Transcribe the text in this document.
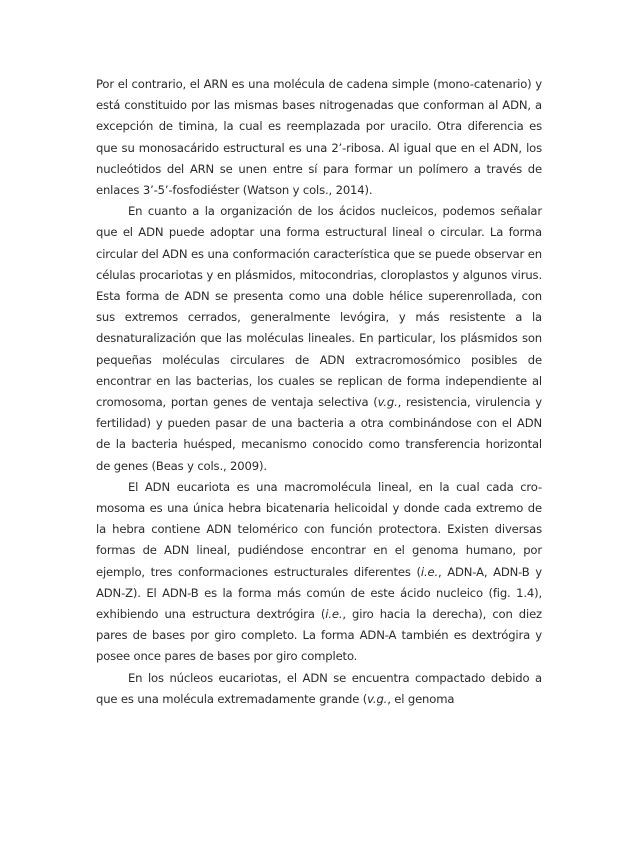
Por el contrario, el ARN es una molécula de cadena simple (mono-catenario) y está constituido por las mismas bases nitrogenadas que conforman al ADN, a excepción de timina, la cual es reemplazada por uracilo. Otra diferencia es que su monosacárido estructural es una 2’-ribosa. Al igual que en el ADN, los nucleótidos del ARN se unen entre sí para formar un polímero a través de enlaces 3’-5’-fosfodiéster (Watson y cols., 2014).

En cuanto a la organización de los ácidos nucleicos, podemos señalar que el ADN puede adoptar una forma estructural lineal o circular. La forma circular del ADN es una conformación característica que se puede observar en células procariotas y en plásmidos, mitocondrias, cloroplastos y algunos virus. Esta forma de ADN se presenta como una doble hélice superenrollada, con sus extremos cerrados, generalmente levógira, y más resistente a la desnaturalización que las moléculas lineales. En particular, los plásmidos son pequeñas moléculas circulares de ADN extracromosómico posibles de encontrar en las bacterias, los cuales se replican de forma independiente al cromosoma, portan genes de ventaja selectiva (v.g., resistencia, virulencia y fertilidad) y pueden pasar de una bacteria a otra combinándose con el ADN de la bacteria huésped, mecanismo conocido como transferencia horizontal de genes (Beas y cols., 2009).

El ADN eucariota es una macromolécula lineal, en la cual cada cro-mosoma es una única hebra bicatenaria helicoidal y donde cada extremo de la hebra contiene ADN telomérico con función protectora. Existen diversas formas de ADN lineal, pudiéndose encontrar en el genoma humano, por ejemplo, tres conformaciones estructurales diferentes (i.e., ADN-A, ADN-B y ADN-Z). El ADN-B es la forma más común de este ácido nucleico (fig. 1.4), exhibiendo una estructura dextrógira (i.e., giro hacia la derecha), con diez pares de bases por giro completo. La forma ADN-A también es dextrógira y posee once pares de bases por giro completo.

En los núcleos eucariotas, el ADN se encuentra compactado debido a que es una molécula extremadamente grande (v.g., el genoma
